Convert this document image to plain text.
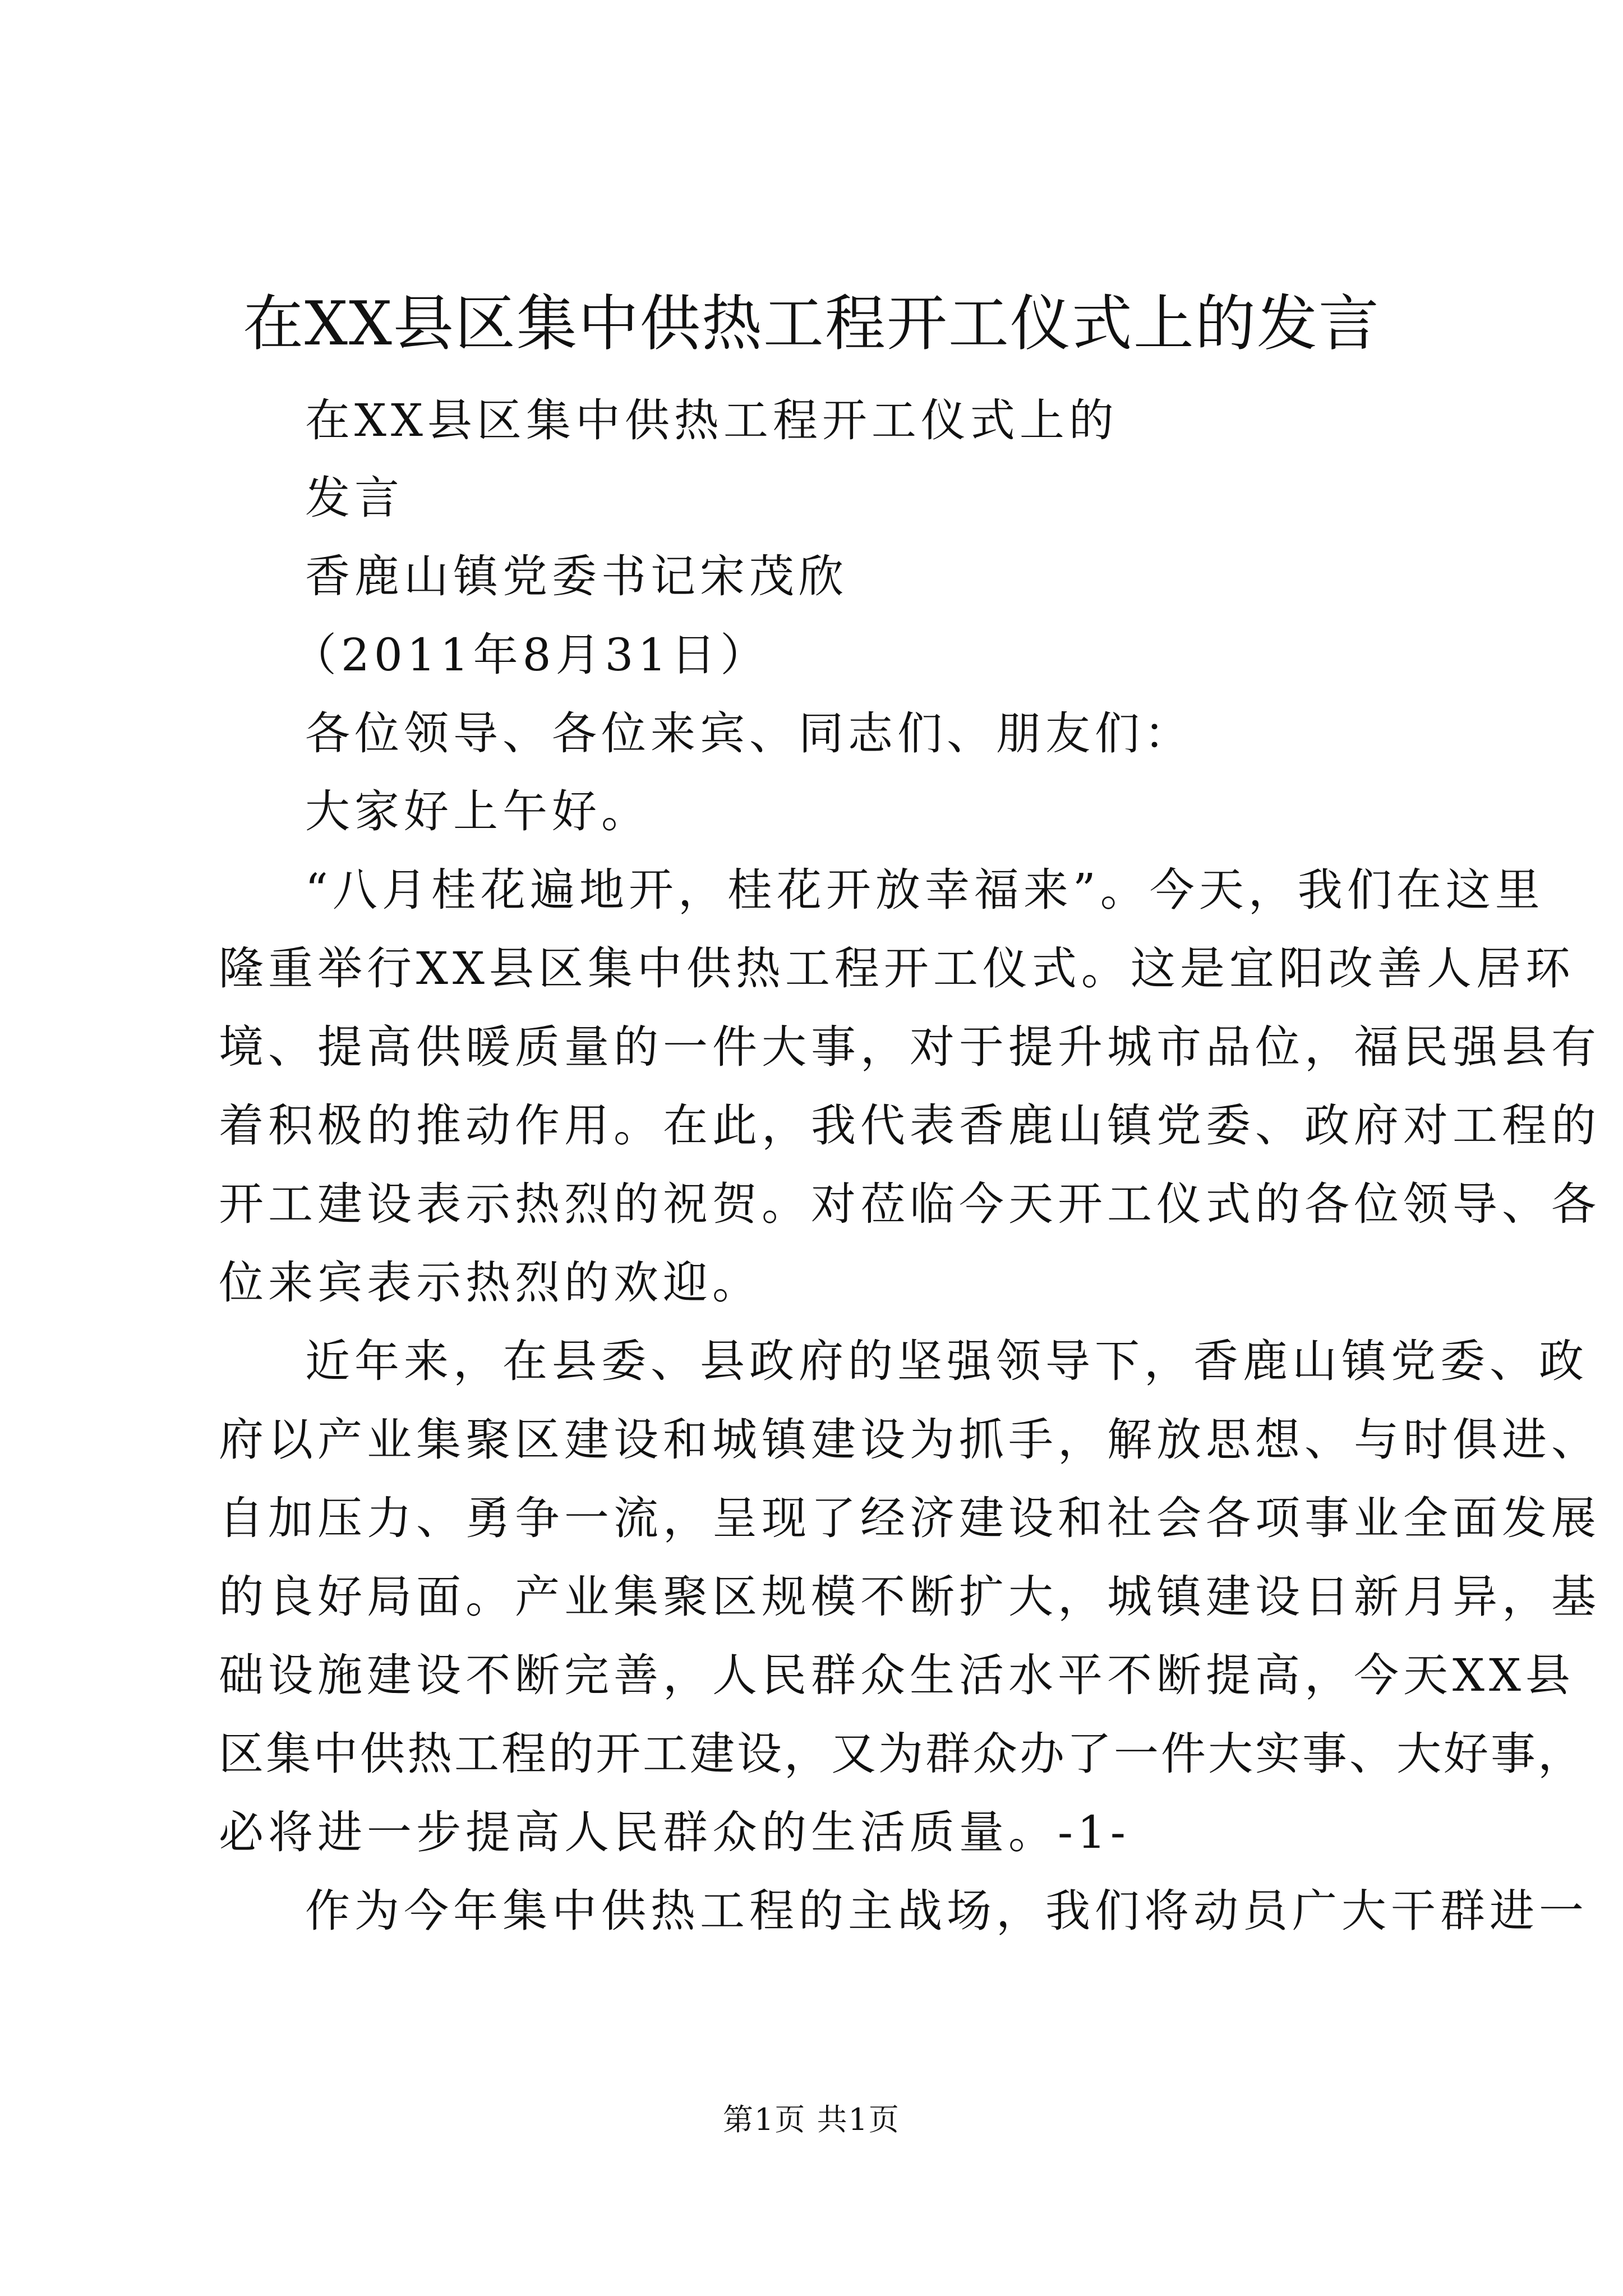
在XX县区集中供热工程开工仪式上的发言
在XX县区集中供热工程开工仪式上的
发言
香鹿山镇党委书记宋茂欣
（2011年8月31日）
各位领导、各位来宾、同志们、朋友们：
大家好上午好。
“八月桂花遍地开，桂花开放幸福来”。今天，我们在这里
隆重举行XX县区集中供热工程开工仪式。这是宜阳改善人居环
境、提高供暖质量的一件大事，对于提升城市品位，福民强县有
着积极的推动作用。在此，我代表香鹿山镇党委、政府对工程的
开工建设表示热烈的祝贺。对莅临今天开工仪式的各位领导、各
位来宾表示热烈的欢迎。
近年来，在县委、县政府的坚强领导下，香鹿山镇党委、政
府以产业集聚区建设和城镇建设为抓手，解放思想、与时俱进、
自加压力、勇争一流，呈现了经济建设和社会各项事业全面发展
的良好局面。产业集聚区规模不断扩大，城镇建设日新月异，基
础设施建设不断完善，人民群众生活水平不断提高，今天XX县
区集中供热工程的开工建设，又为群众办了一件大实事、大好事，
必将进一步提高人民群众的生活质量。-1-
作为今年集中供热工程的主战场，我们将动员广大干群进一
第1页 共1页
